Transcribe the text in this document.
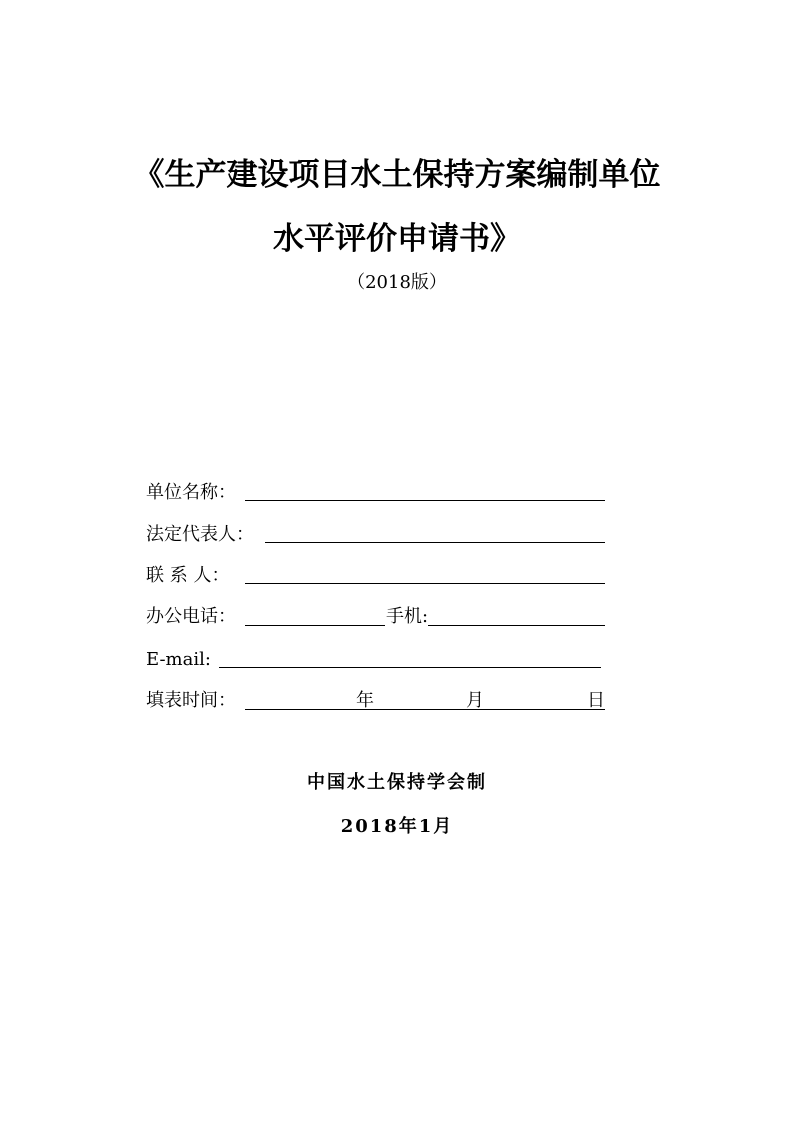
《生产建设项目水土保持方案编制单位
水平评价申请书》
（2018版）
单位名称：
法定代表人：
联 系 人：
办公电话：	手机:
E-mail:
填表时间：	年	月	日
中国水土保持学会制
2018年1月
